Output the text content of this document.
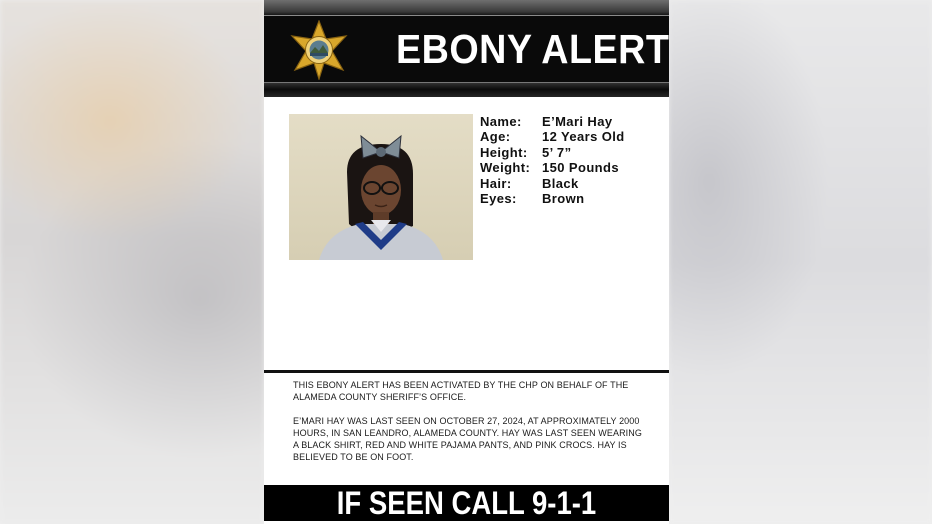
EBONY ALERT
Name: E’Mari Hay
Age: 12 Years Old
Height: 5’ 7”
Weight: 150 Pounds
Hair: Black
Eyes: Brown

THIS EBONY ALERT HAS BEEN ACTIVATED BY THE CHP ON BEHALF OF THE ALAMEDA COUNTY SHERIFF’S OFFICE.

E’MARI HAY WAS LAST SEEN ON OCTOBER 27, 2024, AT APPROXIMATELY 2000 HOURS, IN SAN LEANDRO, ALAMEDA COUNTY. HAY WAS LAST SEEN WEARING A BLACK SHIRT, RED AND WHITE PAJAMA PANTS, AND PINK CROCS. HAY IS BELIEVED TO BE ON FOOT.

IF SEEN CALL 9-1-1
